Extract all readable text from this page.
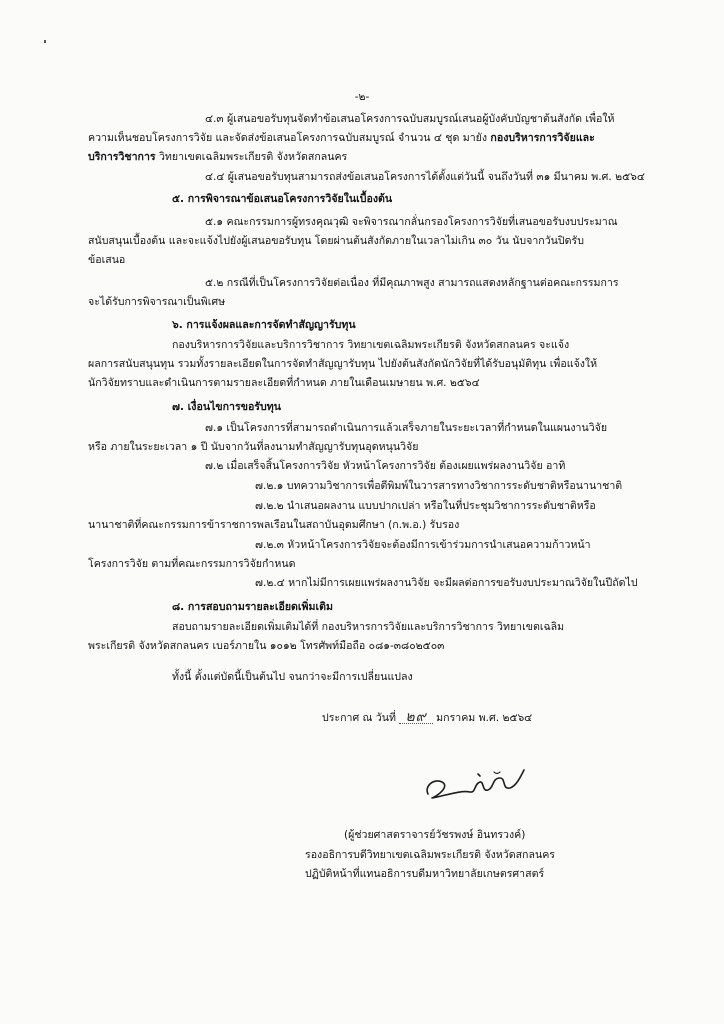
-๒-
๔.๓ ผู้เสนอขอรับทุนจัดทำข้อเสนอโครงการฉบับสมบูรณ์เสนอผู้บังคับบัญชาต้นสังกัด เพื่อให้
ความเห็นชอบโครงการวิจัย และจัดส่งข้อเสนอโครงการฉบับสมบูรณ์ จำนวน ๔ ชุด มายัง กองบริหารการวิจัยและ
บริการวิชาการ วิทยาเขตเฉลิมพระเกียรติ จังหวัดสกลนคร
๔.๔ ผู้เสนอขอรับทุนสามารถส่งข้อเสนอโครงการได้ตั้งแต่วันนี้ จนถึงวันที่ ๓๑ มีนาคม พ.ศ. ๒๕๖๔
๕. การพิจารณาข้อเสนอโครงการวิจัยในเบื้องต้น
๕.๑ คณะกรรมการผู้ทรงคุณวุฒิ จะพิจารณากลั่นกรองโครงการวิจัยที่เสนอขอรับงบประมาณ
สนับสนุนเบื้องต้น และจะแจ้งไปยังผู้เสนอขอรับทุน โดยผ่านต้นสังกัดภายในเวลาไม่เกิน ๓๐ วัน นับจากวันปิดรับ
ข้อเสนอ
๕.๒ กรณีที่เป็นโครงการวิจัยต่อเนื่อง ที่มีคุณภาพสูง สามารถแสดงหลักฐานต่อคณะกรรมการ
จะได้รับการพิจารณาเป็นพิเศษ
๖. การแจ้งผลและการจัดทำสัญญารับทุน
กองบริหารการวิจัยและบริการวิชาการ วิทยาเขตเฉลิมพระเกียรติ จังหวัดสกลนคร จะแจ้ง
ผลการสนับสนุนทุน รวมทั้งรายละเอียดในการจัดทำสัญญารับทุน ไปยังต้นสังกัดนักวิจัยที่ได้รับอนุมัติทุน เพื่อแจ้งให้
นักวิจัยทราบและดำเนินการตามรายละเอียดที่กำหนด ภายในเดือนเมษายน พ.ศ. ๒๕๖๔
๗. เงื่อนไขการขอรับทุน
๗.๑ เป็นโครงการที่สามารถดำเนินการแล้วเสร็จภายในระยะเวลาที่กำหนดในแผนงานวิจัย
หรือ ภายในระยะเวลา ๑ ปี นับจากวันที่ลงนามทำสัญญารับทุนอุดหนุนวิจัย
๗.๒ เมื่อเสร็จสิ้นโครงการวิจัย หัวหน้าโครงการวิจัย ต้องเผยแพร่ผลงานวิจัย อาทิ
๗.๒.๑ บทความวิชาการเพื่อตีพิมพ์ในวารสารทางวิชาการระดับชาติหรือนานาชาติ
๗.๒.๒ นำเสนอผลงาน แบบปากเปล่า หรือในที่ประชุมวิชาการระดับชาติหรือ
นานาชาติที่คณะกรรมการข้าราชการพลเรือนในสถาบันอุดมศึกษา (ก.พ.อ.) รับรอง
๗.๒.๓ หัวหน้าโครงการวิจัยจะต้องมีการเข้าร่วมการนำเสนอความก้าวหน้า
โครงการวิจัย ตามที่คณะกรรมการวิจัยกำหนด
๗.๒.๔ หากไม่มีการเผยแพร่ผลงานวิจัย จะมีผลต่อการขอรับงบประมาณวิจัยในปีถัดไป
๘. การสอบถามรายละเอียดเพิ่มเติม
สอบถามรายละเอียดเพิ่มเติมได้ที่ กองบริหารการวิจัยและบริการวิชาการ วิทยาเขตเฉลิม
พระเกียรติ จังหวัดสกลนคร เบอร์ภายใน ๑๐๑๒ โทรศัพท์มือถือ ๐๘๑-๓๘๐๒๕๐๓
ทั้งนี้ ตั้งแต่บัดนี้เป็นต้นไป จนกว่าจะมีการเปลี่ยนแปลง
ประกาศ ณ วันที่ ๒๙ มกราคม พ.ศ. ๒๕๖๔
(ผู้ช่วยศาสตราจารย์วัชรพงษ์ อินทรวงค์)
รองอธิการบดีวิทยาเขตเฉลิมพระเกียรติ จังหวัดสกลนคร
ปฏิบัติหน้าที่แทนอธิการบดีมหาวิทยาลัยเกษตรศาสตร์
